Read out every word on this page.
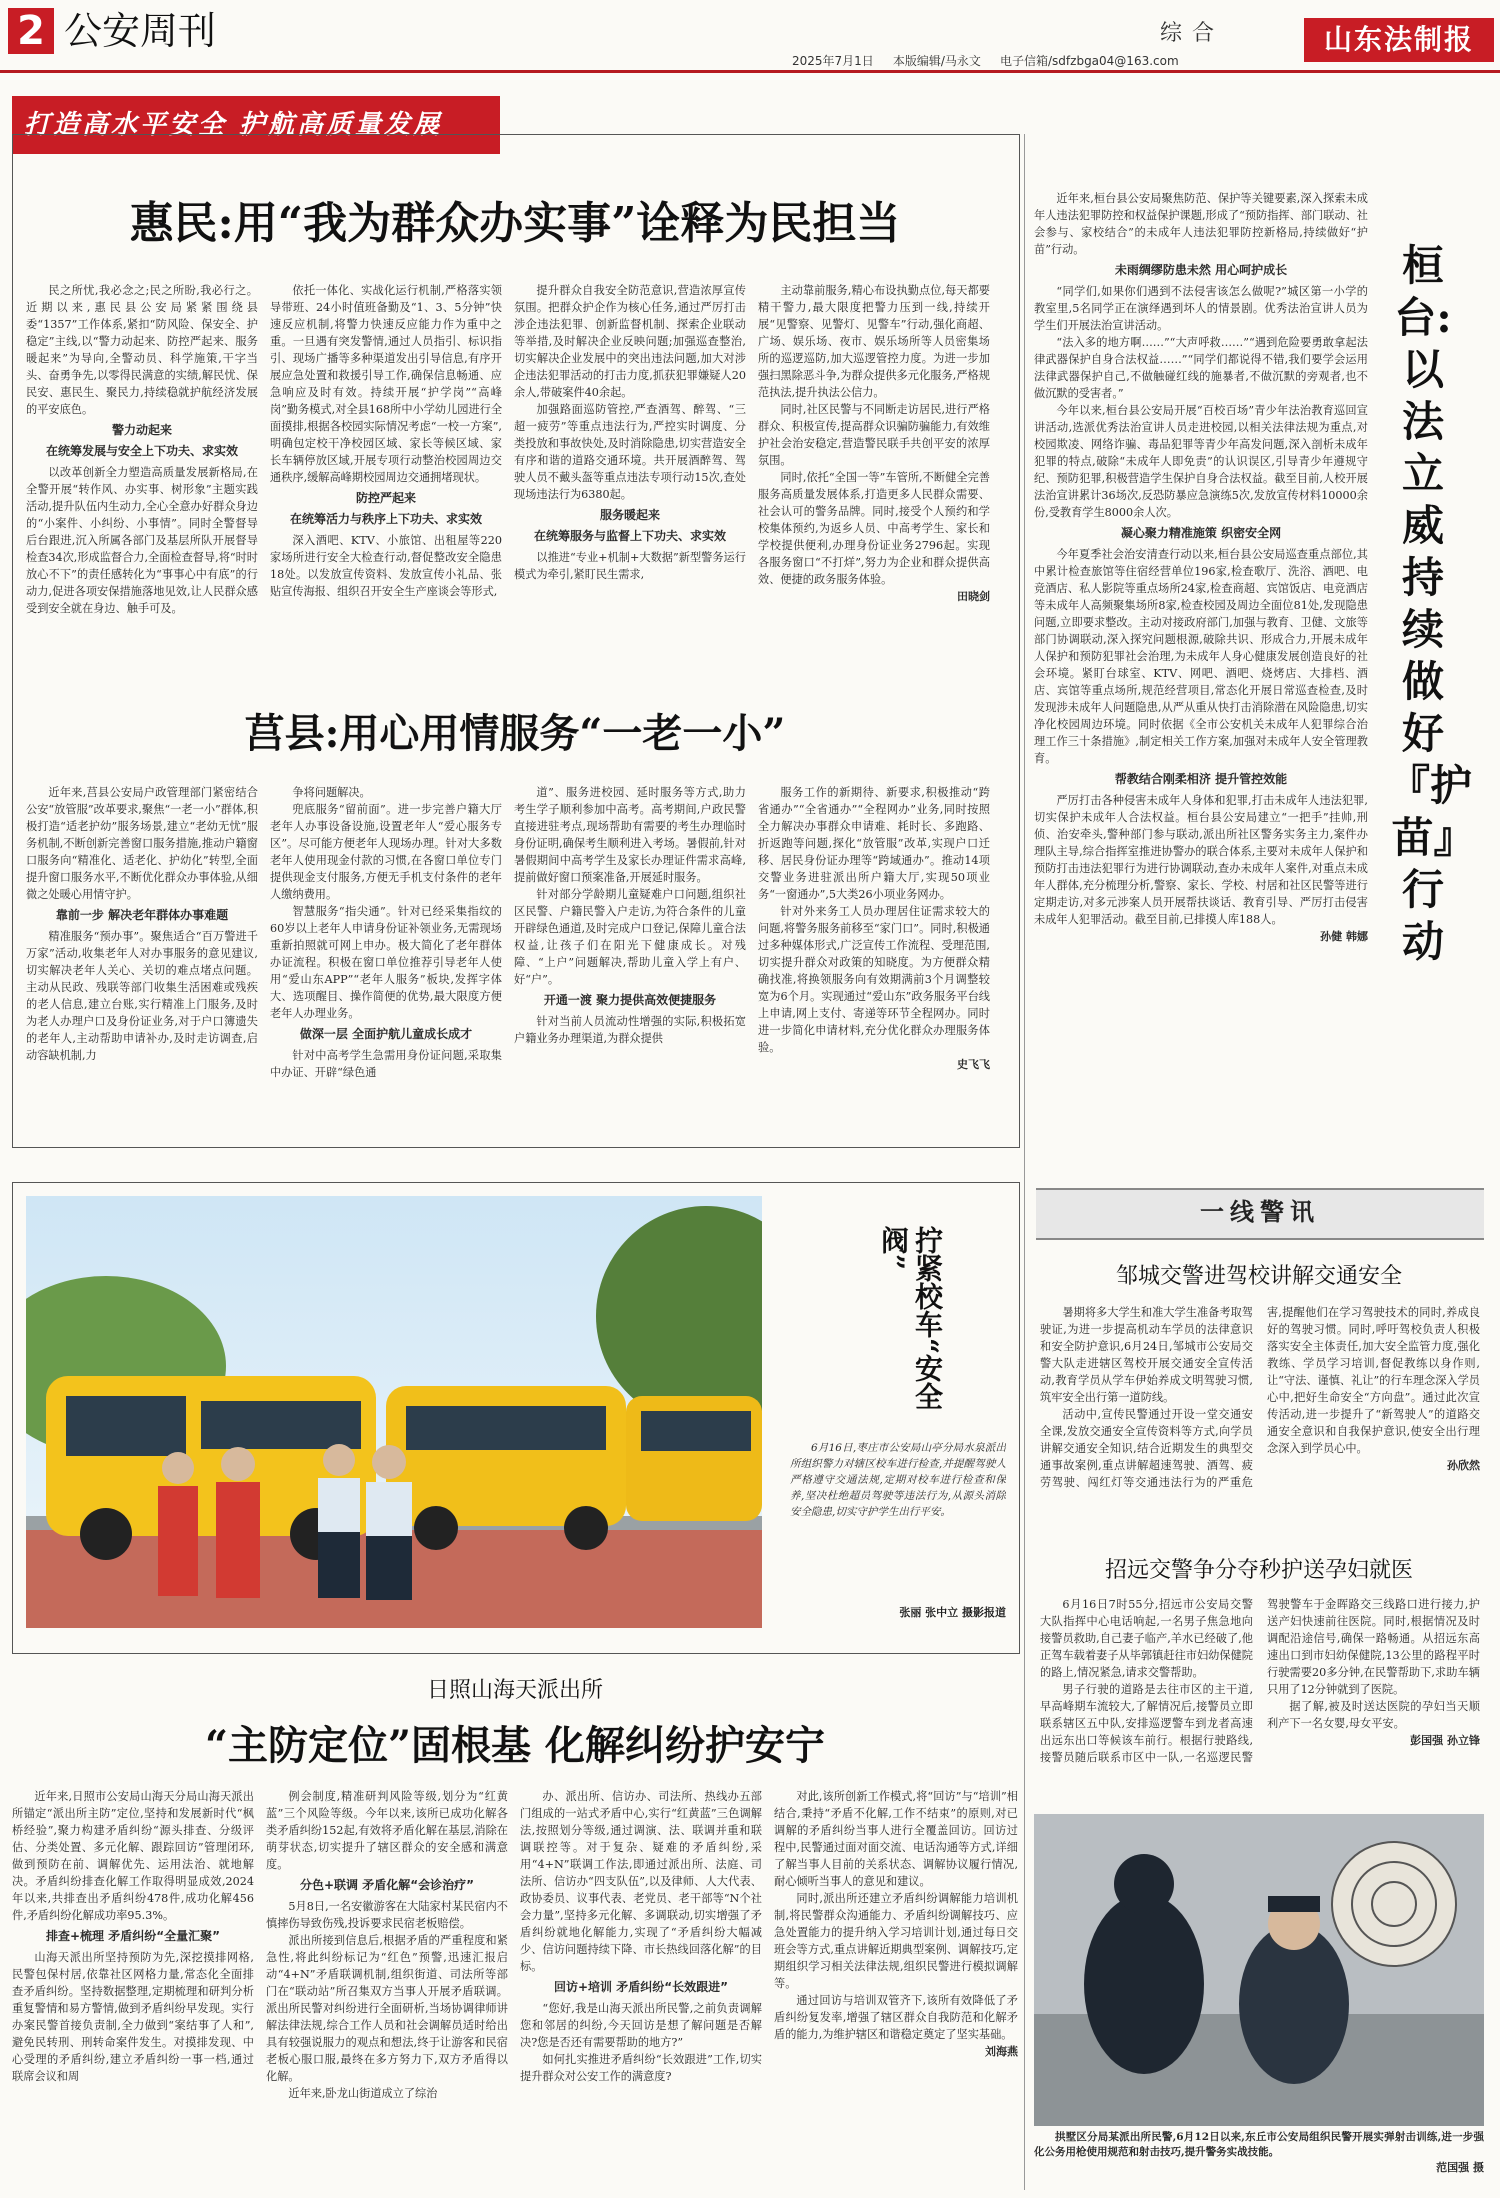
2 公安周刊
2025年7月1日 本版编辑/马永文 电子信箱/sdfzbga04@163.com
综合	山东法制报
打造高水平安全 护航高质量发展
惠民:用“我为群众办实事”诠释为民担当

民之所忧,我必念之;民之所盼,我必行之。近期以来,惠民县公安局紧紧围绕县委“1357”工作体系,紧扣“防风险、保安全、护稳定”主线,以“警力动起来、防控严起来、服务暖起来”为导向,全警动员、科学施策,干字当头、奋勇争先,以零得民满意的实绩,解民忧、保民安、惠民生、聚民力,持续稳就护航经济发展的平安底色。

警力动起来
在统筹发展与安全上下功夫、求实效

以改革创新全力塑造高质量发展新格局,在全警开展“转作风、办实事、树形象”主题实践活动,提升队伍内生动力,全心全意办好群众身边的“小案件、小纠纷、小事情”。同时全警督导后台跟进,沉入所属各部门及基层所队开展督导检查34次,形成监督合力,全面检查督导,将“时时放心不下”的责任感转化为“事事心中有底”的行动力,促进各项安保措施落地见效,让人民群众感受到安全就在身边、触手可及。

依托一体化、实战化运行机制,严格落实领导带班、24小时值班备勤及“1、3、5分钟”快速反应机制,将警力快速反应能力作为重中之重。一旦遇有突发警情,通过人员指引、标识指引、现场广播等多种渠道发出引导信息,有序开展应急处置和救援引导工作,确保信息畅通、应急响应及时有效。持续开展“护学岗”“高峰岗”勤务模式,对全县168所中小学幼儿园进行全面摸排,根据各校园实际情况考虑“一校一方案”,明确包定校干净校园区域、家长等候区域、家长车辆停放区域,开展专项行动整治校园周边交通秩序,缓解高峰期校园周边交通拥堵现状。

防控严起来
在统筹活力与秩序上下功夫、求实效

深入酒吧、KTV、小旅馆、出租屋等220家场所进行安全大检查行动,督促整改安全隐患18处。以发放宣传资料、发放宣传小礼品、张贴宣传海报、组织召开安全生产座谈会等形式,

提升群众自我安全防范意识,营造浓厚宣传氛围。把群众护企作为核心任务,通过严厉打击涉企违法犯罪、创新监督机制、探索企业联动等举措,及时解决企业反映问题;加强巡查整治,切实解决企业发展中的突出违法问题,加大对涉企违法犯罪活动的打击力度,抓获犯罪嫌疑人20余人,带破案件40余起。

加强路面巡防管控,严查酒驾、醉驾、“三超一疲劳”等重点违法行为,严控实时调度、分类投放和事故快处,及时消除隐患,切实营造安全有序和谐的道路交通环境。共开展酒醉驾、驾驶人员不戴头盔等重点违法专项行动15次,查处现场违法行为6380起。

服务暖起来
在统筹服务与监督上下功夫、求实效

以推进“专业+机制+大数据”新型警务运行模式为牵引,紧盯民生需求,

主动靠前服务,精心布设执勤点位,每天都要精干警力,最大限度把警力压到一线,持续开展“见警察、见警灯、见警车”行动,强化商超、广场、娱乐场、夜市、娱乐场所等人员密集场所的巡逻巡防,加大巡逻管控力度。为进一步加强扫黑除恶斗争,为群众提供多元化服务,严格规范执法,提升执法公信力。

同时,社区民警与不同断走访居民,进行严格群众、积极宣传,提高群众识骗防骗能力,有效维护社会治安稳定,营造警民联手共创平安的浓厚氛围。

同时,依托“全国一等”车管所,不断健全完善服务高质量发展体系,打造更多人民群众需要、社会认可的警务品牌。同时,接受个人预约和学校集体预约,为返乡人员、中高考学生、家长和学校提供便利,办理身份证业务2796起。实现各服务窗口“不打烊”,努力为企业和群众提供高效、便捷的政务服务体验。

田晓剑
莒县:用心用情服务“一老一小”

近年来,莒县公安局户政管理部门紧密结合公安“放管服”改革要求,聚焦“一老一小”群体,积极打造“适老护幼”服务场景,建立“老幼无忧”服务机制,不断创新完善窗口服务措施,推动户籍窗口服务向“精准化、适老化、护幼化”转型,全面提升窗口服务水平,不断优化群众办事体验,从细微之处暖心用情守护。

靠前一步 解决老年群体办事难题

精准服务“预办事”。聚焦适合“百万警进千万家”活动,收集老年人对办事服务的意见建议,切实解决老年人关心、关切的难点堵点问题。主动从民政、残联等部门收集生活困难或残疾的老人信息,建立台账,实行精准上门服务,及时为老人办理户口及身份证业务,对于户口簿遗失的老年人,主动帮助申请补办,及时走访调查,启动容缺机制,力

争将问题解决。

兜底服务“留前面”。进一步完善户籍大厅老年人办事设备设施,设置老年人“爱心服务专区”。尽可能方便老年人现场办理。针对大多数老年人使用现金付款的习惯,在各窗口单位专门提供现金支付服务,方便无手机支付条件的老年人缴纳费用。

智慧服务“指尖通”。针对已经采集指纹的60岁以上老年人申请身份证补领业务,无需现场重新拍照就可网上申办。极大简化了老年群体办证流程。积极在窗口单位推荐引导老年人使用“爱山东APP”“老年人服务”板块,发挥字体大、选项醒目、操作简便的优势,最大限度方便老年人办理业务。

做深一层 全面护航儿童成长成才

针对中高考学生急需用身份证问题,采取集中办证、开辟“绿色通

道”、服务进校园、延时服务等方式,助力考生学子顺利参加中高考。高考期间,户政民警直接进驻考点,现场帮助有需要的考生办理临时身份证明,确保考生顺利进入考场。暑假前,针对暑假期间中高考学生及家长办理证件需求高峰,提前做好窗口预案准备,开展延时服务。

针对部分学龄期儿童疑难户口问题,组织社区民警、户籍民警入户走访,为符合条件的儿童开辟绿色通道,及时完成户口登记,保障儿童合法权益,让孩子们在阳光下健康成长。对残障、“上户”问题解决,帮助儿童入学上有户、好“户”。

开通一渡 聚力提供高效便捷服务

针对当前人员流动性增强的实际,积极拓宽户籍业务办理渠道,为群众提供

服务工作的新期待、新要求,积极推动“跨省通办”“全省通办”“全程网办”业务,同时按照全力解决办事群众申请难、耗时长、多跑路、折返跑等问题,探化“放管服”改革,实现户口迁移、居民身份证办理等“跨域通办”。推动14项交警业务进驻派出所户籍大厅,实现50项业务“一窗通办”,5大类26小项业务网办。

针对外来务工人员办理居住证需求较大的问题,将警务服务前移至“家门口”。同时,积极通过多种媒体形式,广泛宣传工作流程、受理范围,切实提升群众对政策的知晓度。为方便群众精确找准,将换领服务向有效期满前3个月调整较宽为6个月。实现通过“爱山东”政务服务平台线上申请,网上支付、寄递等环节全程网办。同时进一步简化申请材料,充分优化群众办理服务体验。

史飞飞

近年来,桓台县公安局聚焦防范、保护等关键要素,深入探索未成年人违法犯罪防控和权益保护课题,形成了“预防指挥、部门联动、社会参与、家校结合”的未成年人违法犯罪防控新格局,持续做好“护苗”行动。

未雨绸缪防患未然 用心呵护成长

“同学们,如果你们遇到不法侵害该怎么做呢?”城区第一小学的教室里,5名同学正在演绎遇到坏人的情景剧。优秀法治宣讲人员为学生们开展法治宣讲活动。

“法入多的地方啊……”“大声呼救……”“遇到危险要勇敢拿起法律武器保护自身合法权益……”“同学们都说得不错,我们要学会运用法律武器保护自己,不做触碰红线的施暴者,不做沉默的旁观者,也不做沉默的受害者。”

今年以来,桓台县公安局开展“百校百场”青少年法治教育巡回宣讲活动,选派优秀法治宣讲人员走进校园,以相关法律法规为重点,对校园欺凌、网络诈骗、毒品犯罪等青少年高发问题,深入剖析未成年犯罪的特点,破除“未成年人即免责”的认识误区,引导青少年遵规守纪、预防犯罪,积极营造学生保护自身合法权益。截至目前,人校开展法治宣讲累计36场次,反恐防暴应急演练5次,发放宣传材料10000余份,受教育学生8000余人次。

凝心聚力精准施策 织密安全网

今年夏季社会治安清查行动以来,桓台县公安局巡查重点部位,其中累计检查旅馆等住宿经营单位196家,检查歌厅、洗浴、酒吧、电竞酒店、私人影院等重点场所24家,检查商超、宾馆饭店、电竞酒店等未成年人高频聚集场所8家,检查校园及周边全面位81处,发现隐患问题,立即要求整改。主动对接政府部门,加强与教育、卫健、文旅等部门协调联动,深入探究问题根源,破除共识、形成合力,开展未成年人保护和预防犯罪社会治理,为未成年人身心健康发展创造良好的社会环境。紧盯台球室、KTV、网吧、酒吧、烧烤店、大排档、酒店、宾馆等重点场所,规范经营项目,常态化开展日常巡查检查,及时发现涉未成年人问题隐患,从严从重从快打击消除潜在风险隐患,切实净化校园周边环境。同时依据《全市公安机关未成年人犯罪综合治理工作三十条措施》,制定相关工作方案,加强对未成年人安全管理教育。

帮教结合刚柔相济 提升管控效能

严厉打击各种侵害未成年人身体和犯罪,打击未成年人违法犯罪,切实保护未成年人合法权益。桓台县公安局建立“一把手”挂帅,刑侦、治安牵头,警种部门参与联动,派出所社区警务实务主力,案件办理队主导,综合指挥室推进协警办的联合体系,主要对未成年人保护和预防打击违法犯罪行为进行协调联动,查办未成年人案件,对重点未成年人群体,充分梳理分析,警察、家长、学校、村居和社区民警等进行定期走访,对多元涉案人员开展帮扶谈话、教育引导、严厉打击侵害未成年人犯罪活动。截至目前,已排摸人库188人。

孙健 韩娜
桓台:以法立威 持续做好『护苗』行动
一线警讯
邹城交警进驾校讲解交通安全

暑期将多大学生和准大学生准备考取驾驶证,为进一步提高机动车学员的法律意识和安全防护意识,6月24日,邹城市公安局交警大队走进辖区驾校开展交通安全宣传活动,教育学员从学车伊始养成文明驾驶习惯,筑牢安全出行第一道防线。

活动中,宣传民警通过开设一堂交通安全课,发放交通安全宣传资料等方式,向学员讲解交通安全知识,结合近期发生的典型交通事故案例,重点讲解超速驾驶、酒驾、疲劳驾驶、闯红灯等交通违法行为的严重危害,提醒他们在学习驾驶技术的同时,养成良好的驾驶习惯。同时,呼吁驾校负责人积极落实安全主体责任,加大安全监管力度,强化教练、学员学习培训,督促教练以身作则,让“守法、谨慎、礼让”的行车理念深入学员心中,把好生命安全“方向盘”。通过此次宣传活动,进一步提升了“新驾驶人”的道路交通安全意识和自我保护意识,使安全出行理念深入到学员心中。

孙欣然
招远交警争分夺秒护送孕妇就医

6月16日7时55分,招远市公安局交警大队指挥中心电话响起,一名男子焦急地向接警员救助,自己妻子临产,羊水已经破了,他正驾车载着妻子从毕郭镇赶往市妇幼保健院的路上,情况紧急,请求交警帮助。

男子行驶的道路是去往市区的主干道,早高峰期车流较大,了解情况后,接警员立即联系辖区五中队,安排巡逻警车到龙者高速出远东出口等候该车前行。根据行驶路线,接警员随后联系市区中一队,一名巡逻民警驾驶警车于金晖路交三线路口进行接力,护送产妇快速前往医院。同时,根据情况及时调配沿途信号,确保一路畅通。从招远东高速出口到市妇幼保健院,13公里的路程平时行驶需要20多分钟,在民警帮助下,求助车辆只用了12分钟就到了医院。

据了解,被及时送达医院的孕妇当天顺利产下一名女婴,母女平安。

彭国强 孙立锋

拱墅区分局某派出所民警,6月12日以来,东丘市公安局组织民警开展实弹射击训练,进一步强化公务用枪使用规范和射击技巧,提升警务实战技能。

范国强 摄
拧紧校车“安全阀”

6月16日,枣庄市公安局山亭分局水泉派出所组织警力对辖区校车进行检查,并提醒驾驶人严格遵守交通法规,定期对校车进行检查和保养,坚决杜绝超员驾驶等违法行为,从源头消除安全隐患,切实守护学生出行平安。

张丽 张中立 摄影报道
日照山海天派出所
“主防定位”固根基 化解纠纷护安宁

近年来,日照市公安局山海天分局山海天派出所锚定“派出所主防”定位,坚持和发展新时代“枫桥经验”,聚力构建矛盾纠纷“源头排查、分级评估、分类处置、多元化解、跟踪回访”管理闭环,做到预防在前、调解优先、运用法治、就地解决。矛盾纠纷排查化解工作取得明显成效,2024年以来,共排查出矛盾纠纷478件,成功化解456件,矛盾纠纷化解成功率95.3%。

排查+梳理 矛盾纠纷“全量汇聚”

山海天派出所坚持预防为先,深挖摸排网格,民警包保村居,依靠社区网格力量,常态化全面排查矛盾纠纷。坚持数据整理,定期梳理和研判分析重复警情和易方警情,做到矛盾纠纷早发现。实行办案民警首接负责制,全力做到“案结事了人和”,避免民转刑、刑转命案件发生。对摸排发现、中心受理的矛盾纠纷,建立矛盾纠纷一事一档,通过联席会议和周

例会制度,精准研判风险等级,划分为“红黄蓝”三个风险等级。今年以来,该所已成功化解各类矛盾纠纷152起,有效将矛盾化解在基层,消除在萌芽状态,切实提升了辖区群众的安全感和满意度。

分色+联调 矛盾化解“会诊治疗”

5月8日,一名安徽游客在大陆家村某民宿内不慎摔伤导致伤残,投诉要求民宿老板赔偿。

派出所接到信息后,根据矛盾的严重程度和紧急性,将此纠纷标记为“红色”预警,迅速汇报启动“4+N”矛盾联调机制,组织街道、司法所等部门在“联动站”所召集双方当事人开展矛盾联调。派出所民警对纠纷进行全面研析,当场协调律师讲解法律法规,综合工作人员和社会调解员适时给出具有较强说服力的观点和想法,终于让游客和民宿老板心服口服,最终在多方努力下,双方矛盾得以化解。

近年来,卧龙山街道成立了综治

办、派出所、信访办、司法所、热线办五部门组成的一站式矛盾中心,实行“红黄蓝”三色调解法,按照划分等级,通过调演、法、联调并重和联调联控等。对于复杂、疑难的矛盾纠纷,采用“4+N”联调工作法,即通过派出所、法庭、司法所、信访办“四支队伍”,以及律师、人大代表、政协委员、议事代表、老党员、老干部等“N个社会力量”,坚持多元化解、多调联动,切实增强了矛盾纠纷就地化解能力,实现了“矛盾纠纷大幅减少、信访问题持续下降、市长热线回落化解”的目标。

回访+培训 矛盾纠纷“长效跟进”

“您好,我是山海天派出所民警,之前负责调解您和邻居的纠纷,今天回访是想了解问题是否解决?您是否还有需要帮助的地方?”

如何扎实推进矛盾纠纷“长效跟进”工作,切实提升群众对公安工作的满意度?

对此,该所创新工作模式,将“回访”与“培训”相结合,秉持“矛盾不化解,工作不结束”的原则,对已调解的矛盾纠纷当事人进行全覆盖回访。回访过程中,民警通过面对面交流、电话沟通等方式,详细了解当事人目前的关系状态、调解协议履行情况,耐心倾听当事人的意见和建议。

同时,派出所还建立矛盾纠纷调解能力培训机制,将民警群众沟通能力、矛盾纠纷调解技巧、应急处置能力的提升纳入学习培训计划,通过每日交班会等方式,重点讲解近期典型案例、调解技巧,定期组织学习相关法律法规,组织民警进行模拟调解等。

通过回访与培训双管齐下,该所有效降低了矛盾纠纷复发率,增强了辖区群众自我防范和化解矛盾的能力,为维护辖区和谐稳定奠定了坚实基础。

刘海燕
